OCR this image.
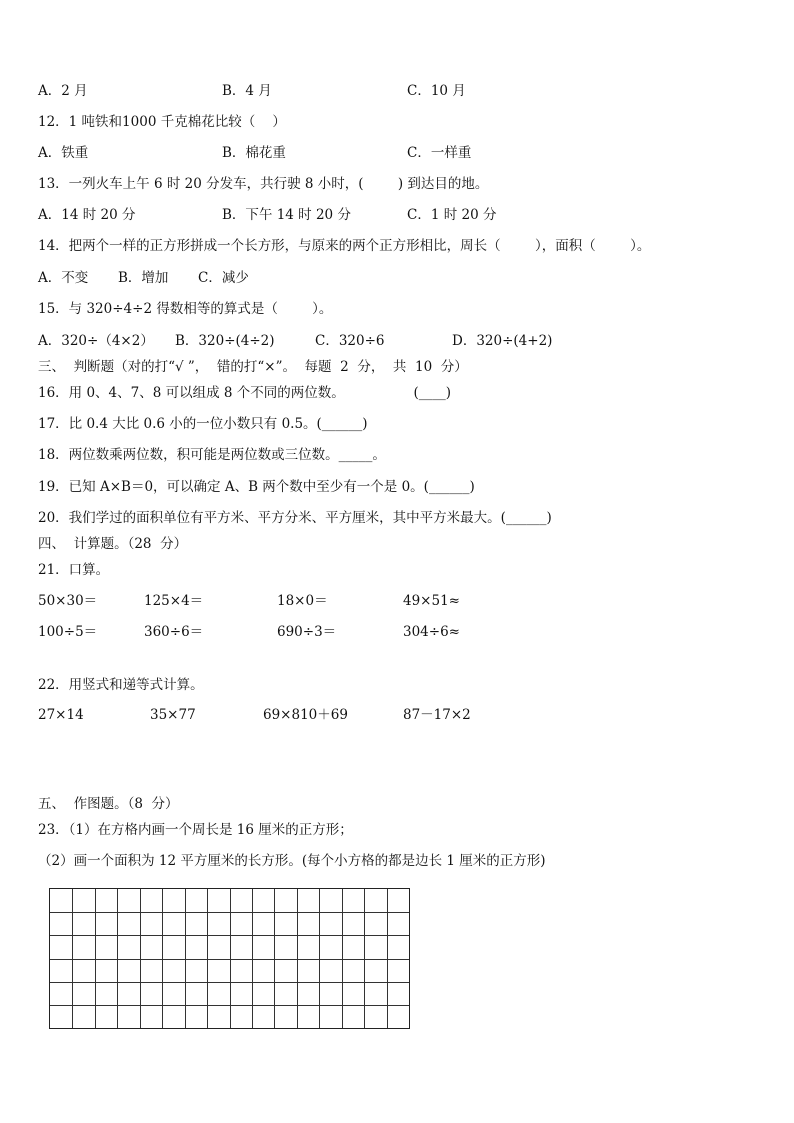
A．2 月	B．4 月	C．10 月
12．1 吨铁和1000 千克棉花比较（    ）
A．铁重	B．棉花重	C．一样重
13．一列火车上午 6 时 20 分发车，共行驶 8 小时，(        ) 到达目的地。
A．14 时 20 分	B．下午 14 时 20 分	C．1 时 20 分
14．把两个一样的正方形拼成一个长方形，与原来的两个正方形相比，周长（        ），面积（        ）。
A．不变 B．增加 C．减少
15．与 320÷4÷2 得数相等的算式是（        ）。
A．320÷（4×2） B．320÷(4÷2)	C．320÷6	D．320÷(4+2)
三、  判断题（对的打“√ ”，  错的打“×”。  每题  2  分，  共  10  分）
16．用 0、4、7、8 可以组成 8 个不同的两位数。                (____)
17．比 0.4 大比 0.6 小的一位小数只有 0.5。(______)
18．两位数乘两位数，积可能是两位数或三位数。_____。
19．已知 A×B＝0，可以确定 A、B 两个数中至少有一个是 0。(______)
20．我们学过的面积单位有平方米、平方分米、平方厘米，其中平方米最大。(______)
四、  计算题。（28  分）
21．口算。
50×30＝	125×4＝	18×0＝	49×51≈
100÷5＝	360÷6＝	690÷3＝	304÷6≈
22．用竖式和递等式计算。
27×14	35×77	69×810＋69	87－17×2
五、  作图题。（8  分）
23．（1）在方格内画一个周长是 16 厘米的正方形；
（2）画一个面积为 12 平方厘米的长方形。(每个小方格的都是边长 1 厘米的正方形)
